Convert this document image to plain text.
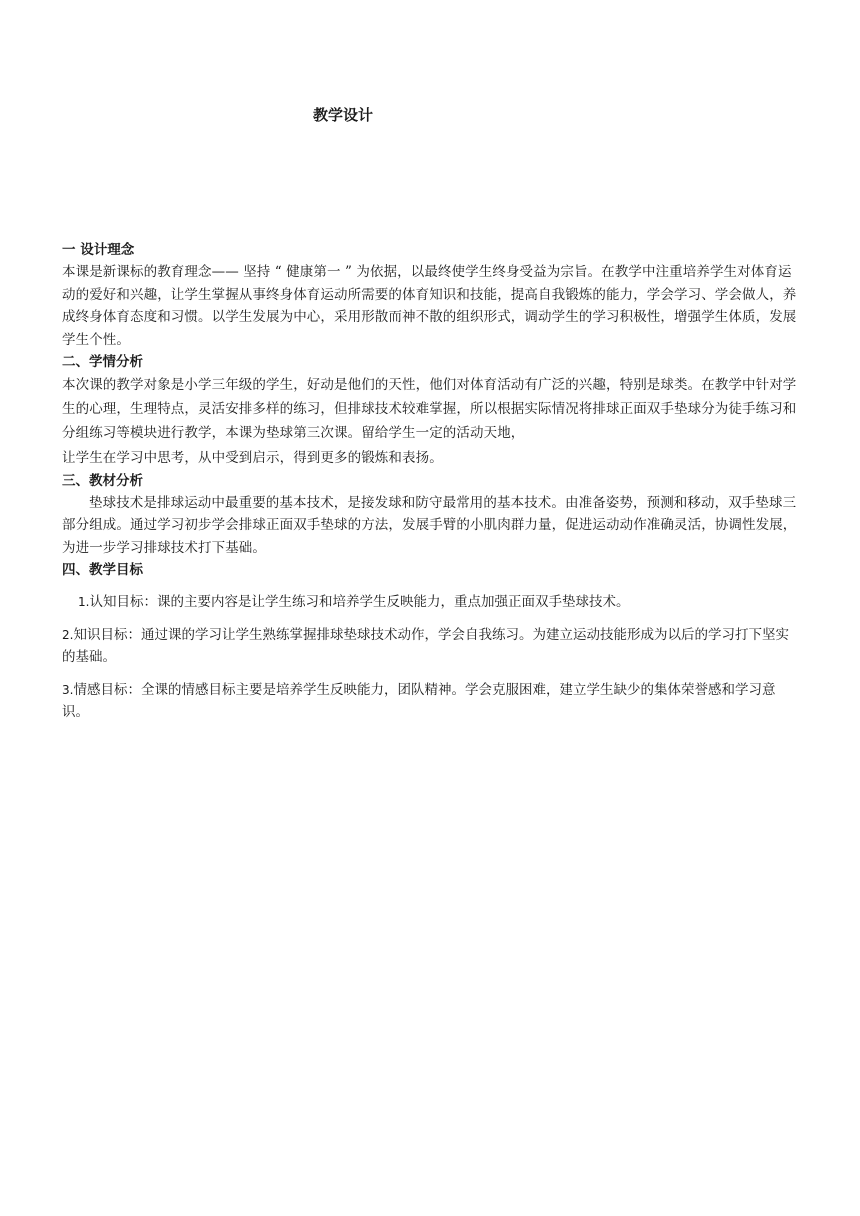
教学设计
一 设计理念

本课是新课标的教育理念—— 坚持 “ 健康第一 ” 为依据，以最终使学生终身受益为宗旨。在教学中注重培养学生对体育运动的爱好和兴趣，让学生掌握从事终身体育运动所需要的体育知识和技能，提高自我锻炼的能力，学会学习、学会做人，养成终身体育态度和习惯。以学生发展为中心，采用形散而神不散的组织形式，调动学生的学习积极性，增强学生体质，发展学生个性。

二、学情分析

本次课的教学对象是小学三年级的学生，好动是他们的天性，他们对体育活动有广泛的兴趣，特别是球类。在教学中针对学生的心理，生理特点，灵活安排多样的练习，但排球技术较难掌握，所以根据实际情况将排球正面双手垫球分为徒手练习和分组练习等模块进行教学，本课为垫球第三次课。留给学生一定的活动天地，

让学生在学习中思考，从中受到启示，得到更多的锻炼和表扬。

三、教材分析

垫球技术是排球运动中最重要的基本技术，是接发球和防守最常用的基本技术。由准备姿势，预测和移动，双手垫球三部分组成。通过学习初步学会排球正面双手垫球的方法，发展手臂的小肌肉群力量，促进运动动作准确灵活，协调性发展，为进一步学习排球技术打下基础。

四、教学目标

1.认知目标：课的主要内容是让学生练习和培养学生反映能力，重点加强正面双手垫球技术。

2.知识目标：通过课的学习让学生熟练掌握排球垫球技术动作，学会自我练习。为建立运动技能形成为以后的学习打下坚实的基础。

3.情感目标：全课的情感目标主要是培养学生反映能力，团队精神。学会克服困难，建立学生缺少的集体荣誉感和学习意识。
